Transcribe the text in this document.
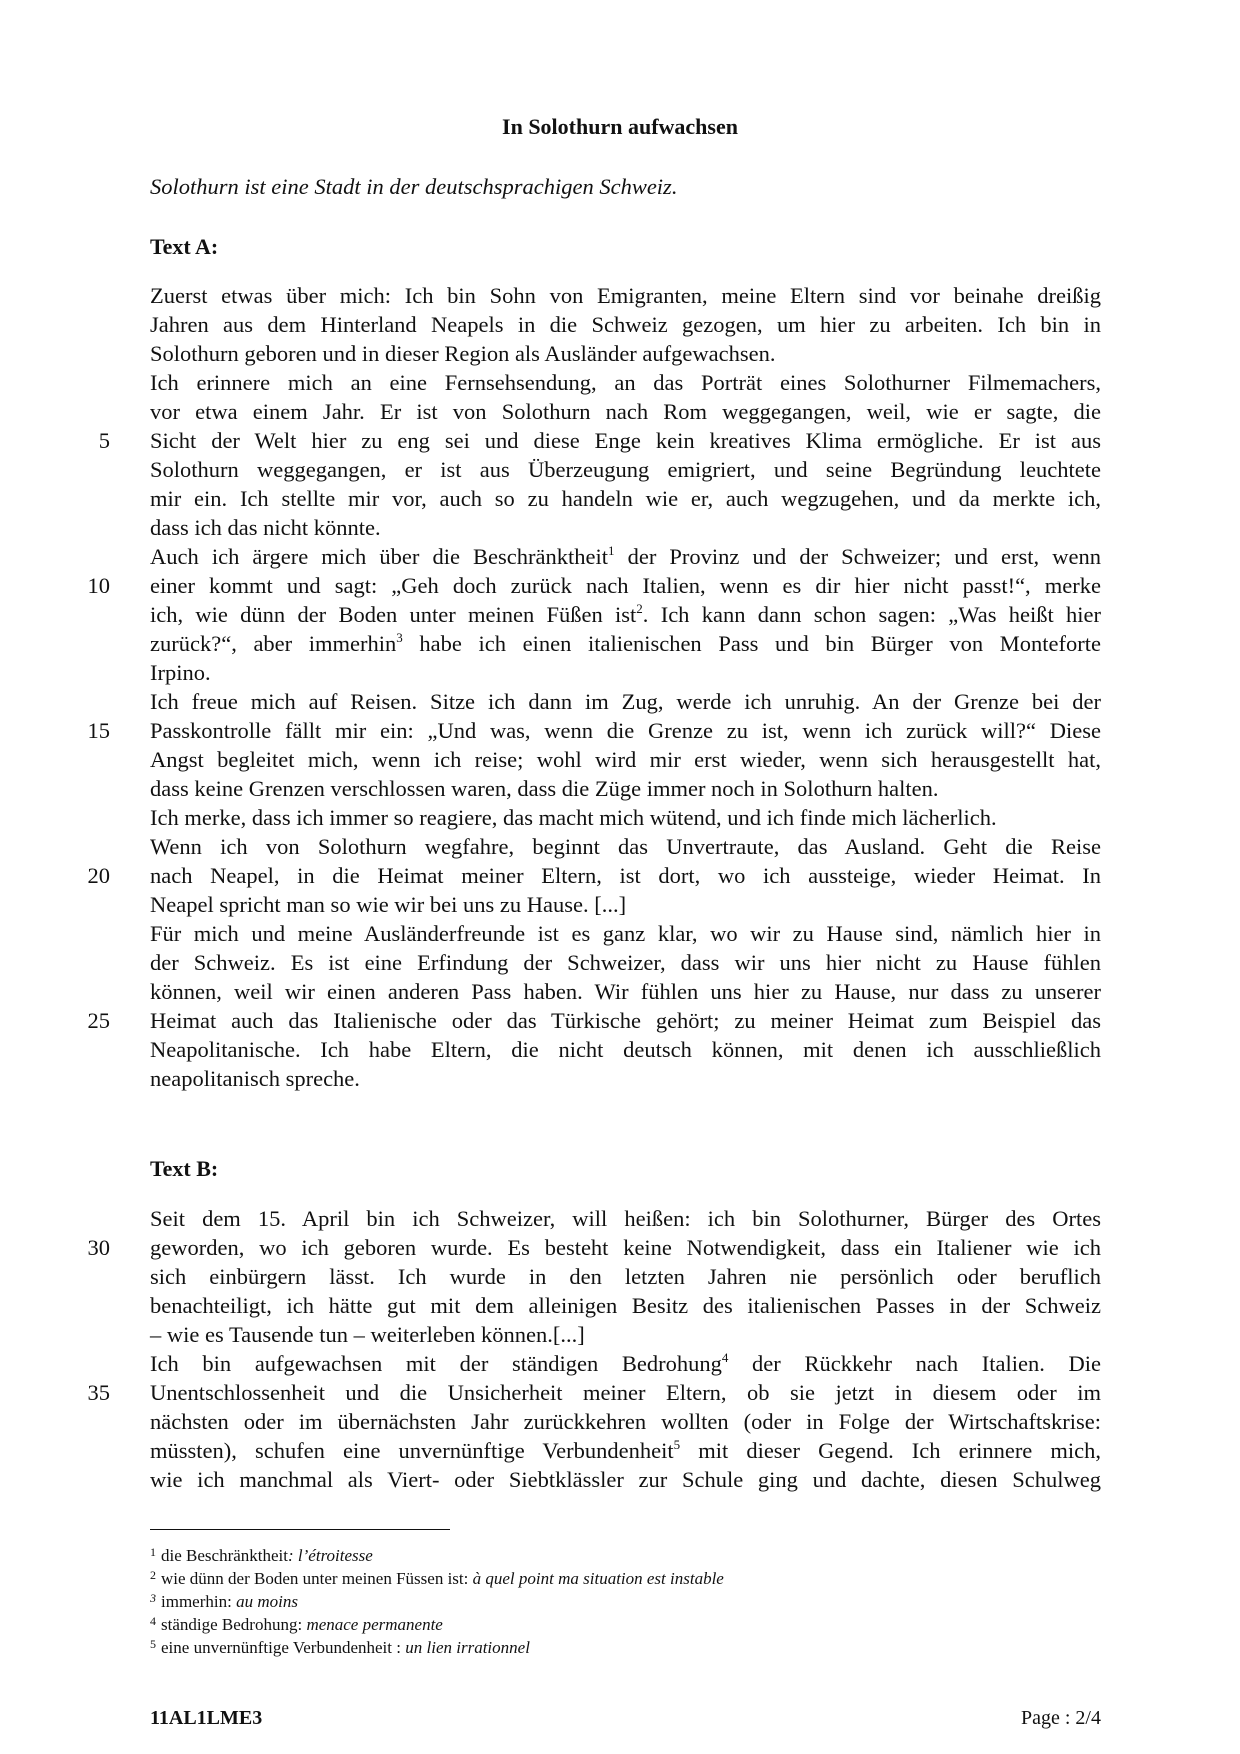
In Solothurn aufwachsen
Solothurn ist eine Stadt in der deutschsprachigen Schweiz.
Text A:
Zuerst etwas über mich: Ich bin Sohn von Emigranten, meine Eltern sind vor beinahe dreißig
Jahren aus dem Hinterland Neapels in die Schweiz gezogen, um hier zu arbeiten. Ich bin in
Solothurn geboren und in dieser Region als Ausländer aufgewachsen.
Ich erinnere mich an eine Fernsehsendung, an das Porträt eines Solothurner Filmemachers,
vor etwa einem Jahr. Er ist von Solothurn nach Rom weggegangen, weil, wie er sagte, die
Sicht der Welt hier zu eng sei und diese Enge kein kreatives Klima ermögliche. Er ist aus
Solothurn weggegangen, er ist aus Überzeugung emigriert, und seine Begründung leuchtete
mir ein. Ich stellte mir vor, auch so zu handeln wie er, auch wegzugehen, und da merkte ich,
dass ich das nicht könnte.
Auch ich ärgere mich über die Beschränktheit$^1$ der Provinz und der Schweizer; und erst, wenn
einer kommt und sagt: „Geh doch zurück nach Italien, wenn es dir hier nicht passt!“, merke
ich, wie dünn der Boden unter meinen Füßen ist$^2$. Ich kann dann schon sagen: „Was heißt hier
zurück?“, aber immerhin$^3$ habe ich einen italienischen Pass und bin Bürger von Monteforte
Irpino.
Ich freue mich auf Reisen. Sitze ich dann im Zug, werde ich unruhig. An der Grenze bei der
Passkontrolle fällt mir ein: „Und was, wenn die Grenze zu ist, wenn ich zurück will?“ Diese
Angst begleitet mich, wenn ich reise; wohl wird mir erst wieder, wenn sich herausgestellt hat,
dass keine Grenzen verschlossen waren, dass die Züge immer noch in Solothurn halten.
Ich merke, dass ich immer so reagiere, das macht mich wütend, und ich finde mich lächerlich.
Wenn ich von Solothurn wegfahre, beginnt das Unvertraute, das Ausland. Geht die Reise
nach Neapel, in die Heimat meiner Eltern, ist dort, wo ich aussteige, wieder Heimat. In
Neapel spricht man so wie wir bei uns zu Hause. [...]
Für mich und meine Ausländerfreunde ist es ganz klar, wo wir zu Hause sind, nämlich hier in
der Schweiz. Es ist eine Erfindung der Schweizer, dass wir uns hier nicht zu Hause fühlen
können, weil wir einen anderen Pass haben. Wir fühlen uns hier zu Hause, nur dass zu unserer
Heimat auch das Italienische oder das Türkische gehört; zu meiner Heimat zum Beispiel das
Neapolitanische. Ich habe Eltern, die nicht deutsch können, mit denen ich ausschließlich
neapolitanisch spreche.
Text B:
Seit dem 15. April bin ich Schweizer, will heißen: ich bin Solothurner, Bürger des Ortes
geworden, wo ich geboren wurde. Es besteht keine Notwendigkeit, dass ein Italiener wie ich
sich einbürgern lässt. Ich wurde in den letzten Jahren nie persönlich oder beruflich
benachteiligt, ich hätte gut mit dem alleinigen Besitz des italienischen Passes in der Schweiz
– wie es Tausende tun – weiterleben können.[...]
Ich bin aufgewachsen mit der ständigen Bedrohung$^4$ der Rückkehr nach Italien. Die
Unentschlossenheit und die Unsicherheit meiner Eltern, ob sie jetzt in diesem oder im
nächsten oder im übernächsten Jahr zurückkehren wollten (oder in Folge der Wirtschaftskrise:
müssten), schufen eine unvernünftige Verbundenheit$^5$ mit dieser Gegend. Ich erinnere mich,
wie ich manchmal als Viert- oder Siebtklässler zur Schule ging und dachte, diesen Schulweg
5
10
15
20
25
30
35
$^1$ die Beschränktheit: l’étroitesse
$^2$ wie dünn der Boden unter meinen Füssen ist: à quel point ma situation est instable
$^3$ immerhin: au moins
$^4$ ständige Bedrohung: menace permanente
$^5$ eine unvernünftige Verbundenheit : un lien irrationnel
11AL1LME3	Page : 2/4
